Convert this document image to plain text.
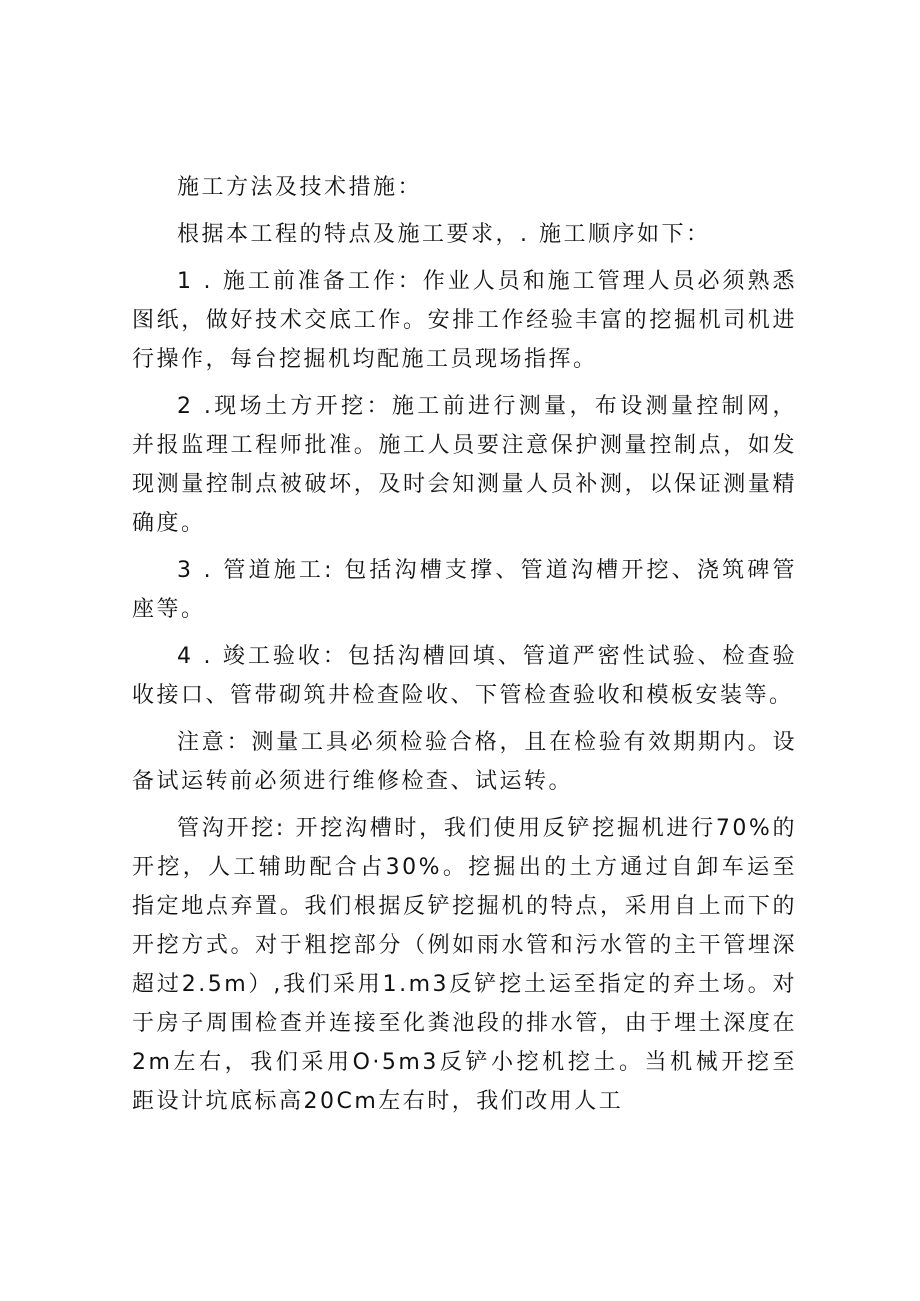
施工方法及技术措施：

根据本工程的特点及施工要求，. 施工顺序如下：

1 . 施工前准备工作：作业人员和施工管理人员必须熟悉图纸，做好技术交底工作。安排工作经验丰富的挖掘机司机进行操作，每台挖掘机均配施工员现场指挥。

2 .现场土方开挖：施工前进行测量，布设测量控制网，并报监理工程师批准。施工人员要注意保护测量控制点，如发现测量控制点被破坏，及时会知测量人员补测，以保证测量精确度。

3 . 管道施工: 包括沟槽支撑、管道沟槽开挖、浇筑碑管座等。

4 . 竣工验收：包括沟槽回填、管道严密性试验、检查验收接口、管带砌筑井检查险收、下管检查验收和模板安装等。

注意：测量工具必须检验合格，且在检验有效期期内。设备试运转前必须进行维修检查、试运转。

管沟开挖: 开挖沟槽时，我们使用反铲挖掘机进行70%的开挖，人工辅助配合占30%。挖掘出的土方通过自卸车运至指定地点弃置。我们根据反铲挖掘机的特点，采用自上而下的开挖方式。对于粗挖部分（例如雨水管和污水管的主干管埋深超过2.5m）,我们采用1.m3反铲挖土运至指定的弃土场。对于房子周围检查并连接至化粪池段的排水管，由于埋土深度在2m左右，我们采用O·5m3反铲小挖机挖土。当机械开挖至距设计坑底标高20Cm左右时，我们改用人工
